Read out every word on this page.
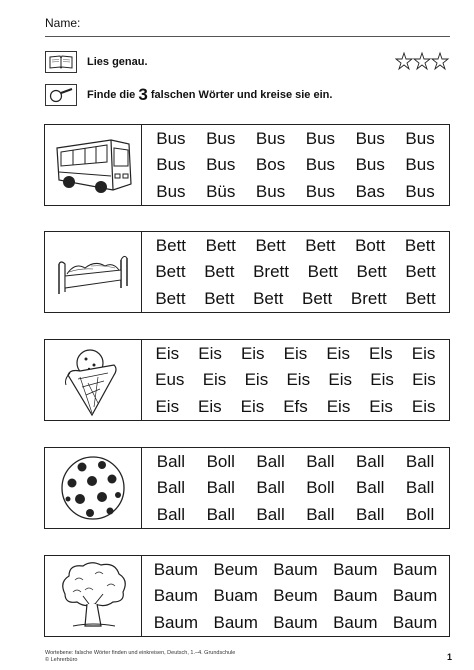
Name:
Lies genau.
Finde die 3 falschen Wörter und kreise sie ein.
Bus Bus Bus Bus Bus Bus
Bus Bus Bos Bus Bus Bus
Bus Büs Bus Bus Bas Bus
Bett Bett Bett Bett Bott Bett
Bett Bett Brett Bett Bett Bett
Bett Bett Bett Bett Brett Bett
Eis Eis Eis Eis Eis Els Eis
Eus Eis Eis Eis Eis Eis Eis
Eis Eis Eis Efs Eis Eis Eis
Ball Boll Ball Ball Ball Ball
Ball Ball Ball Boll Ball Ball
Ball Ball Ball Ball Ball Boll
Baum Beum Baum Baum Baum
Baum Buam Beum Baum Baum
Baum Baum Baum Baum Baum
Wortebene: falsche Wörter finden und einkreisen, Deutsch, 1.–4. Grundschule
© Lehrerbüro	1
